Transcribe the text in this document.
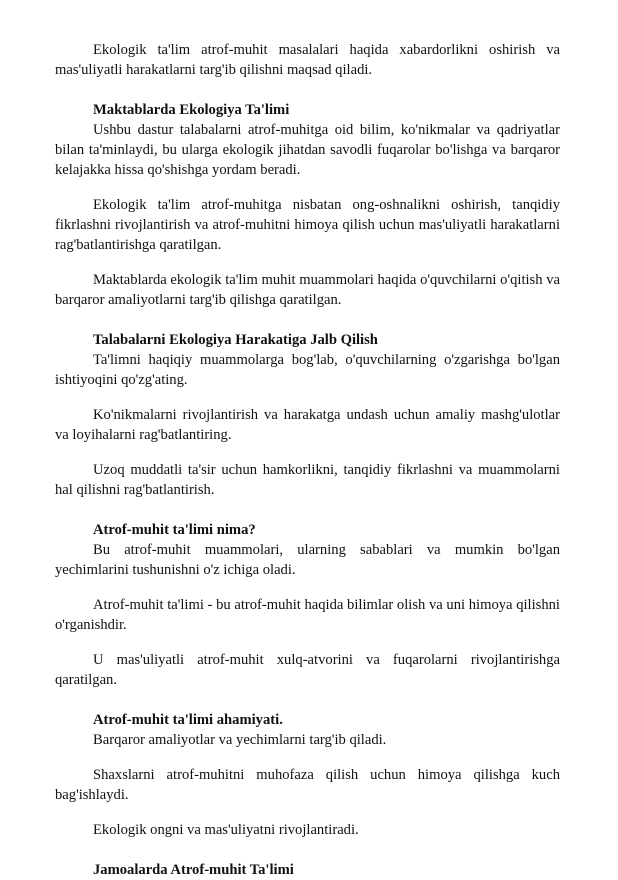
Ekologik ta'lim atrof-muhit masalalari haqida xabardorlikni oshirish va mas'uliyatli harakatlarni targ'ib qilishni maqsad qiladi.

Maktablarda Ekologiya Ta'limi

Ushbu dastur talabalarni atrof-muhitga oid bilim, ko'nikmalar va qadriyatlar bilan ta'minlaydi, bu ularga ekologik jihatdan savodli fuqarolar bo'lishga va barqaror kelajakka hissa qo'shishga yordam beradi.

Ekologik ta'lim atrof-muhitga nisbatan ong-oshnalikni oshirish, tanqidiy fikrlashni rivojlantirish va atrof-muhitni himoya qilish uchun mas'uliyatli harakatlarni rag'batlantirishga qaratilgan.

Maktablarda ekologik ta'lim muhit muammolari haqida o'quvchilarni o'qitish va barqaror amaliyotlarni targ'ib qilishga qaratilgan.

Talabalarni Ekologiya Harakatiga Jalb Qilish

Ta'limni haqiqiy muammolarga bog'lab, o'quvchilarning o'zgarishga bo'lgan ishtiyoqini qo'zg'ating.

Ko'nikmalarni rivojlantirish va harakatga undash uchun amaliy mashg'ulotlar va loyihalarni rag'batlantiring.

Uzoq muddatli ta'sir uchun hamkorlikni, tanqidiy fikrlashni va muammolarni hal qilishni rag'batlantirish.

Atrof-muhit ta'limi nima?

Bu atrof-muhit muammolari, ularning sabablari va mumkin bo'lgan yechimlarini tushunishni o'z ichiga oladi.

Atrof-muhit ta'limi - bu atrof-muhit haqida bilimlar olish va uni himoya qilishni o'rganishdir.

U mas'uliyatli atrof-muhit xulq-atvorini va fuqarolarni rivojlantirishga qaratilgan.

Atrof-muhit ta'limi ahamiyati.

Barqaror amaliyotlar va yechimlarni targ'ib qiladi.

Shaxslarni atrof-muhitni muhofaza qilish uchun himoya qilishga kuch bag'ishlaydi.

Ekologik ongni va mas'uliyatni rivojlantiradi.

Jamoalarda Atrof-muhit Ta'limi
